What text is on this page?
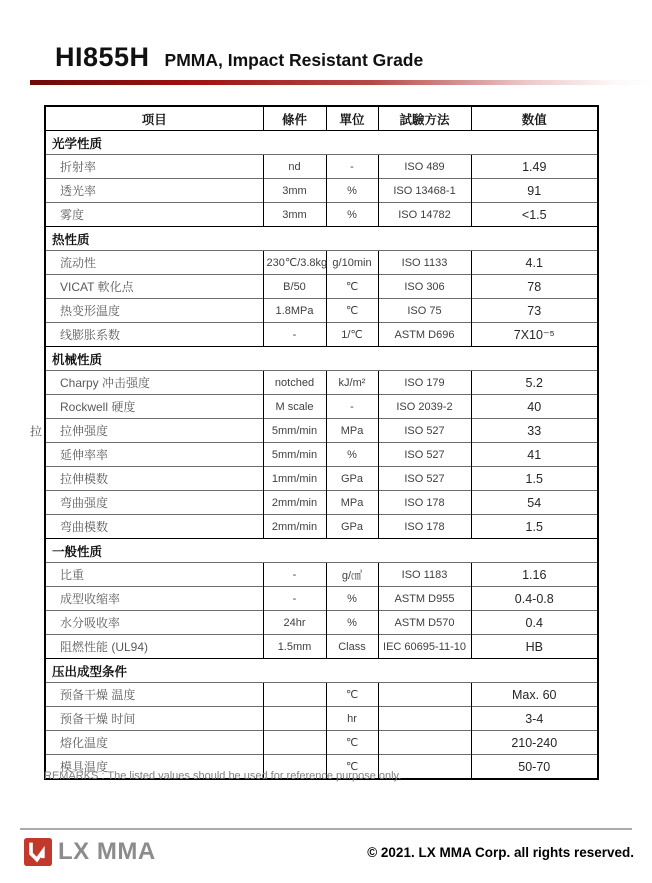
HI855H PMMA, Impact Resistant Grade
项目	條件	單位	試驗方法	数值
光学性质				
折射率	nd	-	ISO 489	1.49
透光率	3mm	%	ISO 13468-1	91
雾度	3mm	%	ISO 14782	<1.5
热性质				
流动性	230℃/3.8kg	g/10min	ISO 1133	4.1
VICAT 軟化点	B/50	℃	ISO 306	78
热变形温度	1.8MPa	℃	ISO 75	73
线膨胀系数	-	1/℃	ASTM D696	7X10⁻⁵
机械性质				
Charpy 冲击强度	notched	kJ/m²	ISO 179	5.2
Rockwell 硬度	M scale	-	ISO 2039-2	40

拉 拉伸强度	5mm/min	MPa	ISO 527	33
延伸率率	5mm/min	%	ISO 527	41
拉伸模数	1mm/min	GPa	ISO 527	1.5
弯曲强度	2mm/min	MPa	ISO 178	54
弯曲模数	2mm/min	GPa	ISO 178	1.5
一般性质				
比重	-	g/㎤	ISO 1183	1.16
成型收缩率	-	%	ASTM D955	0.4-0.8
水分吸收率	24hr	%	ASTM D570	0.4
阻燃性能 (UL94)	1.5mm	Class	IEC 60695-11-10	HB
压出成型条件				
预备干燥 温度		℃		Max. 60
预备干燥 时间		hr		3-4
熔化温度		℃		210-240
模具温度		℃		50-70
REMARKS : The listed values should be used for reference purpose only.
LX MMA	© 2021. LX MMA Corp. all rights reserved.
